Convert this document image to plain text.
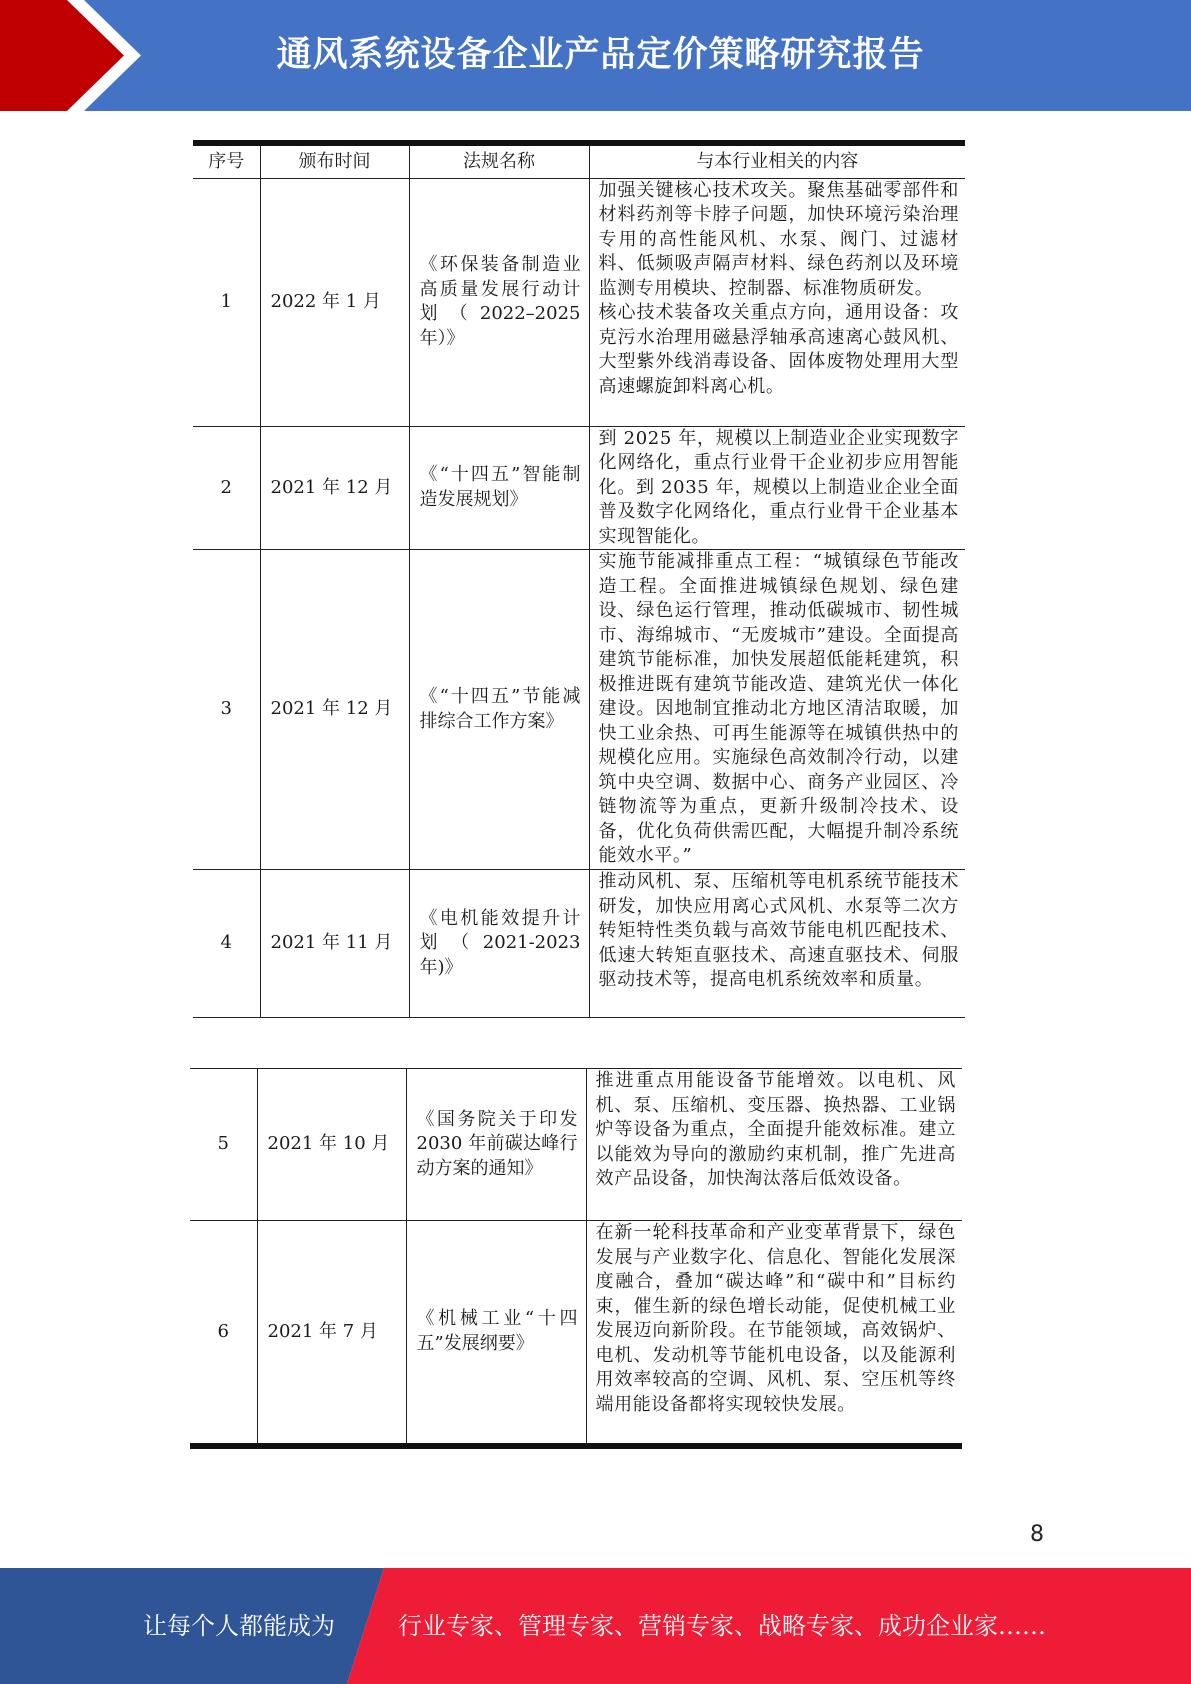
通风系统设备企业产品定价策略研究报告
序号	颁布时间	法规名称	与本行业相关的内容
1	2022 年 1 月	《环保装备制造业高质量发展行动计划（2022–2025年）》	加强关键核心技术攻关。聚焦基础零部件和材料药剂等卡脖子问题，加快环境污染治理专用的高性能风机、水泵、阀门、过滤材料、低频吸声隔声材料、绿色药剂以及环境监测专用模块、控制器、标准物质研发。
核心技术装备攻关重点方向，通用设备：攻克污水治理用磁悬浮轴承高速离心鼓风机、大型紫外线消毒设备、固体废物处理用大型高速螺旋卸料离心机。
2	2021 年 12 月	《“十四五”智能制造发展规划》	到 2025 年，规模以上制造业企业实现数字化网络化，重点行业骨干企业初步应用智能化。到 2035 年，规模以上制造业企业全面普及数字化网络化，重点行业骨干企业基本实现智能化。
3	2021 年 12 月	《“十四五”节能减排综合工作方案》	实施节能减排重点工程：“城镇绿色节能改造工程。全面推进城镇绿色规划、绿色建设、绿色运行管理，推动低碳城市、韧性城市、海绵城市、“无废城市”建设。全面提高建筑节能标准，加快发展超低能耗建筑，积极推进既有建筑节能改造、建筑光伏一体化建设。因地制宜推动北方地区清洁取暖，加快工业余热、可再生能源等在城镇供热中的规模化应用。实施绿色高效制冷行动，以建筑中央空调、数据中心、商务产业园区、冷链物流等为重点，更新升级制冷技术、设备，优化负荷供需匹配，大幅提升制冷系统能效水平。”
4	2021 年 11 月	《电机能效提升计划（2021-2023年)》	推动风机、泵、压缩机等电机系统节能技术研发，加快应用离心式风机、水泵等二次方转矩特性类负载与高效节能电机匹配技术、低速大转矩直驱技术、高速直驱技术、伺服驱动技术等，提高电机系统效率和质量。
5	2021 年 10 月	《国务院关于印发2030 年前碳达峰行动方案的通知》	推进重点用能设备节能增效。以电机、风机、泵、压缩机、变压器、换热器、工业锅炉等设备为重点，全面提升能效标准。建立以能效为导向的激励约束机制，推广先进高效产品设备，加快淘汰落后低效设备。
6	2021 年 7 月	《机械工业“十四五”发展纲要》	在新一轮科技革命和产业变革背景下，绿色发展与产业数字化、信息化、智能化发展深度融合，叠加“碳达峰”和“碳中和”目标约束，催生新的绿色增长动能，促使机械工业发展迈向新阶段。在节能领域，高效锅炉、电机、发动机等节能机电设备，以及能源利用效率较高的空调、风机、泵、空压机等终端用能设备都将实现较快发展。
8
让每个人都能成为	行业专家、管理专家、营销专家、战略专家、成功企业家……
